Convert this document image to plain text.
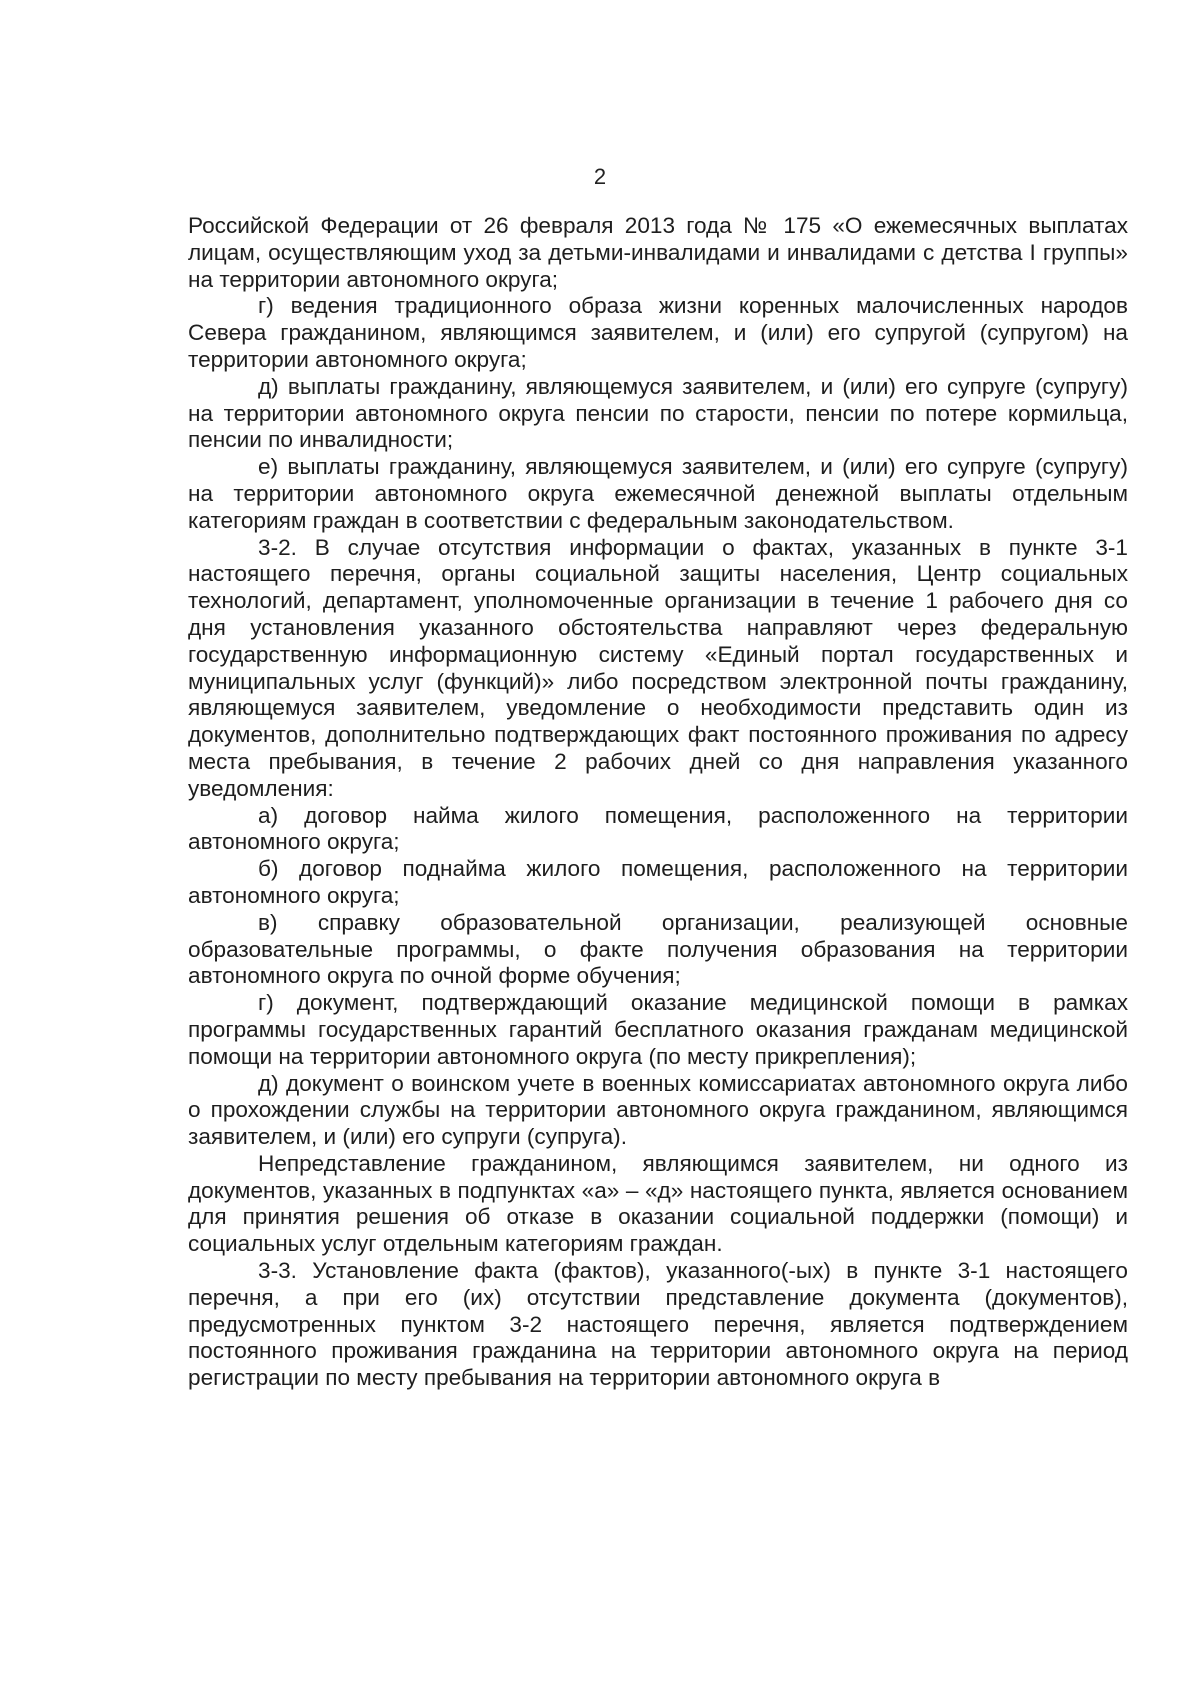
2

Российской Федерации от 26 февраля 2013 года № 175 «О ежемесячных выплатах лицам, осуществляющим уход за детьми-инвалидами и инвалидами с детства I группы» на территории автономного округа;

г) ведения традиционного образа жизни коренных малочисленных народов Севера гражданином, являющимся заявителем, и (или) его супругой (супругом) на территории автономного округа;

д) выплаты гражданину, являющемуся заявителем, и (или) его супруге (супругу) на территории автономного округа пенсии по старости, пенсии по потере кормильца, пенсии по инвалидности;

е) выплаты гражданину, являющемуся заявителем, и (или) его супруге (супругу) на территории автономного округа ежемесячной денежной выплаты отдельным категориям граждан в соответствии с федеральным законодательством.

3-2. В случае отсутствия информации о фактах, указанных в пункте 3-1 настоящего перечня, органы социальной защиты населения, Центр социальных технологий, департамент, уполномоченные организации в течение 1 рабочего дня со дня установления указанного обстоятельства направляют через федеральную государственную информационную систему «Единый портал государственных и муниципальных услуг (функций)» либо посредством электронной почты гражданину, являющемуся заявителем, уведомление о необходимости представить один из документов, дополнительно подтверждающих факт постоянного проживания по адресу места пребывания, в течение 2 рабочих дней со дня направления указанного уведомления:

а) договор найма жилого помещения, расположенного на территории автономного округа;

б) договор поднайма жилого помещения, расположенного на территории автономного округа;

в) справку образовательной организации, реализующей основные образовательные программы, о факте получения образования на территории автономного округа по очной форме обучения;

г) документ, подтверждающий оказание медицинской помощи в рамках программы государственных гарантий бесплатного оказания гражданам медицинской помощи на территории автономного округа (по месту прикрепления);

д) документ о воинском учете в военных комиссариатах автономного округа либо о прохождении службы на территории автономного округа гражданином, являющимся заявителем, и (или) его супруги (супруга).

Непредставление гражданином, являющимся заявителем, ни одного из документов, указанных в подпунктах «а» – «д» настоящего пункта, является основанием для принятия решения об отказе в оказании социальной поддержки (помощи) и социальных услуг отдельным категориям граждан.

3-3. Установление факта (фактов), указанного(-ых) в пункте 3-1 настоящего перечня, а при его (их) отсутствии представление документа (документов), предусмотренных пунктом 3-2 настоящего перечня, является подтверждением постоянного проживания гражданина на территории автономного округа на период регистрации по месту пребывания на территории автономного округа в
